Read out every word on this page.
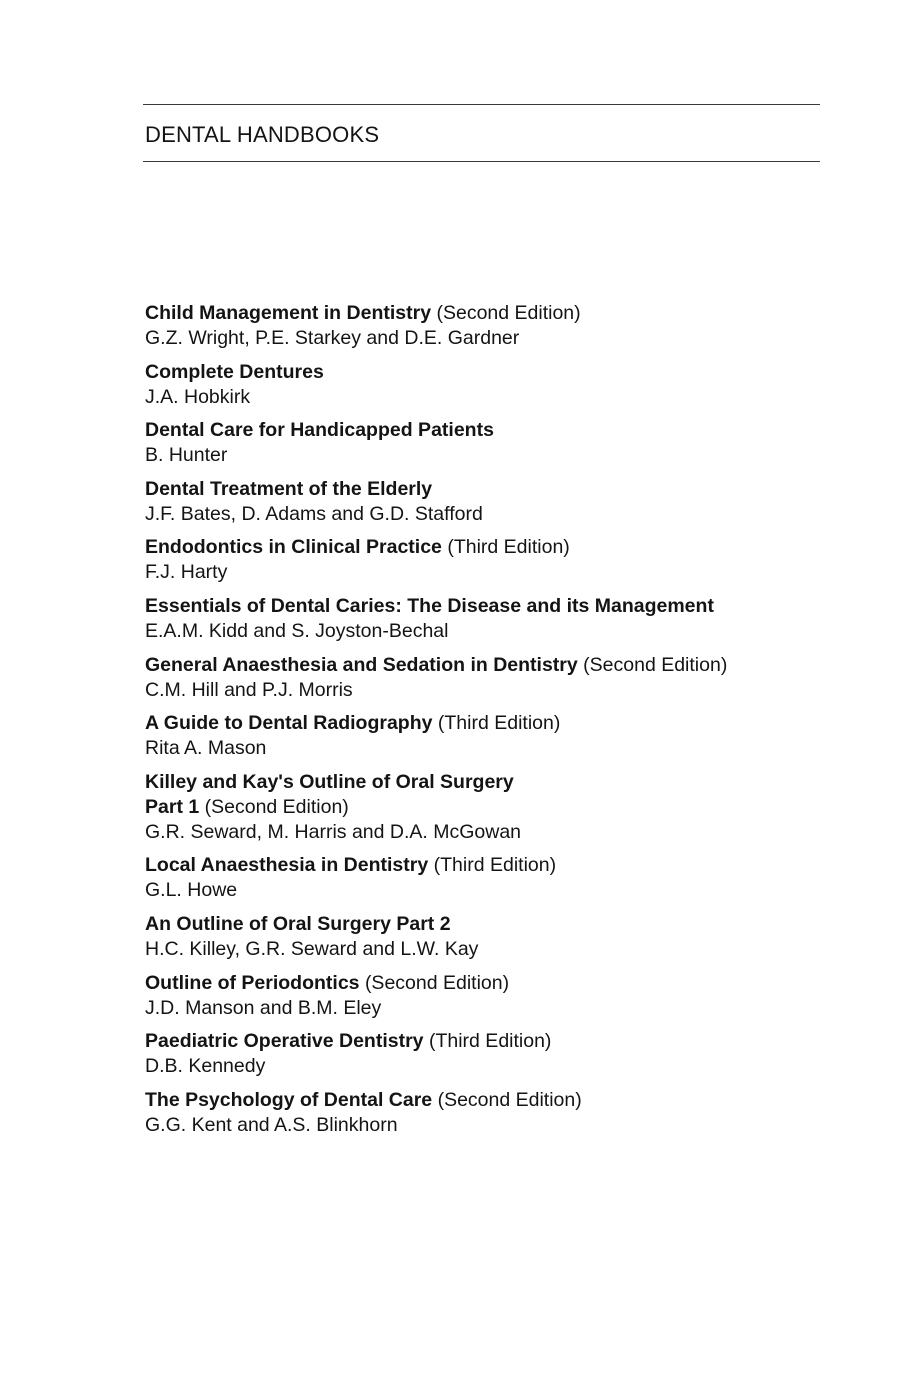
DENTAL HANDBOOKS
Child Management in Dentistry (Second Edition)
G.Z. Wright, P.E. Starkey and D.E. Gardner
Complete Dentures
J.A. Hobkirk
Dental Care for Handicapped Patients
B. Hunter
Dental Treatment of the Elderly
J.F. Bates, D. Adams and G.D. Stafford
Endodontics in Clinical Practice (Third Edition)
F.J. Harty
Essentials of Dental Caries: The Disease and its Management
E.A.M. Kidd and S. Joyston-Bechal
General Anaesthesia and Sedation in Dentistry (Second Edition)
C.M. Hill and P.J. Morris
A Guide to Dental Radiography (Third Edition)
Rita A. Mason
Killey and Kay's Outline of Oral Surgery
Part 1 (Second Edition)
G.R. Seward, M. Harris and D.A. McGowan
Local Anaesthesia in Dentistry (Third Edition)
G.L. Howe
An Outline of Oral Surgery Part 2
H.C. Killey, G.R. Seward and L.W. Kay
Outline of Periodontics (Second Edition)
J.D. Manson and B.M. Eley
Paediatric Operative Dentistry (Third Edition)
D.B. Kennedy
The Psychology of Dental Care (Second Edition)
G.G. Kent and A.S. Blinkhorn
